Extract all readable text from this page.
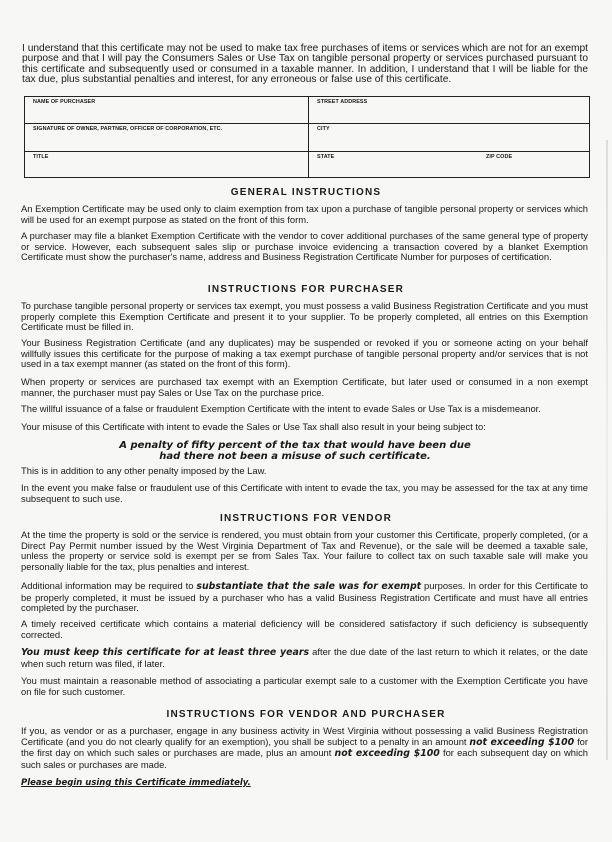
I understand that this certificate may not be used to make tax free purchases of items or services which are not for an exempt purpose and that I will pay the Consumers Sales or Use Tax on tangible personal property or services purchased pursuant to this certificate and subsequently used or consumed in a taxable manner. In addition, I understand that I will be liable for the tax due, plus substantial penalties and interest, for any erroneous or false use of this certificate.
NAME OF PURCHASER	STREET ADDRESS
SIGNATURE OF OWNER, PARTNER, OFFICER OF CORPORATION, ETC.	CITY
TITLE	STATE	ZIP CODE
GENERAL INSTRUCTIONS
An Exemption Certificate may be used only to claim exemption from tax upon a purchase of tangible personal property or services which will be used for an exempt purpose as stated on the front of this form.
A purchaser may file a blanket Exemption Certificate with the vendor to cover additional purchases of the same general type of property or service. However, each subsequent sales slip or purchase invoice evidencing a transaction covered by a blanket Exemption Certificate must show the purchaser's name, address and Business Registration Certificate Number for purposes of certification.
INSTRUCTIONS FOR PURCHASER
To purchase tangible personal property or services tax exempt, you must possess a valid Business Registration Certificate and you must properly complete this Exemption Certificate and present it to your supplier. To be properly completed, all entries on this Exemption Certificate must be filled in.
Your Business Registration Certificate (and any duplicates) may be suspended or revoked if you or someone acting on your behalf willfully issues this certificate for the purpose of making a tax exempt purchase of tangible personal property and/or services that is not used in a tax exempt manner (as stated on the front of this form).
When property or services are purchased tax exempt with an Exemption Certificate, but later used or consumed in a non exempt manner, the purchaser must pay Sales or Use Tax on the purchase price.
The willful issuance of a false or fraudulent Exemption Certificate with the intent to evade Sales or Use Tax is a misdemeanor.
Your misuse of this Certificate with intent to evade the Sales or Use Tax shall also result in your being subject to:
A penalty of fifty percent of the tax that would have been due
had there not been a misuse of such certificate.
This is in addition to any other penalty imposed by the Law.
In the event you make false or fraudulent use of this Certificate with intent to evade the tax, you may be assessed for the tax at any time subsequent to such use.
INSTRUCTIONS FOR VENDOR
At the time the property is sold or the service is rendered, you must obtain from your customer this Certificate, properly completed, (or a Direct Pay Permit number issued by the West Virginia Department of Tax and Revenue), or the sale will be deemed a taxable sale, unless the property or service sold is exempt per se from Sales Tax. Your failure to collect tax on such taxable sale will make you personally liable for the tax, plus penalties and interest.
Additional information may be required to substantiate that the sale was for exempt purposes. In order for this Certificate to be properly completed, it must be issued by a purchaser who has a valid Business Registration Certificate and must have all entries completed by the purchaser.
A timely received certificate which contains a material deficiency will be considered satisfactory if such deficiency is subsequently corrected.
You must keep this certificate for at least three years after the due date of the last return to which it relates, or the date when such return was filed, if later.
You must maintain a reasonable method of associating a particular exempt sale to a customer with the Exemption Certificate you have on file for such customer.
INSTRUCTIONS FOR VENDOR AND PURCHASER
If you, as vendor or as a purchaser, engage in any business activity in West Virginia without possessing a valid Business Registration Certificate (and you do not clearly qualify for an exemption), you shall be subject to a penalty in an amount not exceeding $100 for the first day on which such sales or purchases are made, plus an amount not exceeding $100 for each subsequent day on which such sales or purchases are made.
Please begin using this Certificate immediately.
